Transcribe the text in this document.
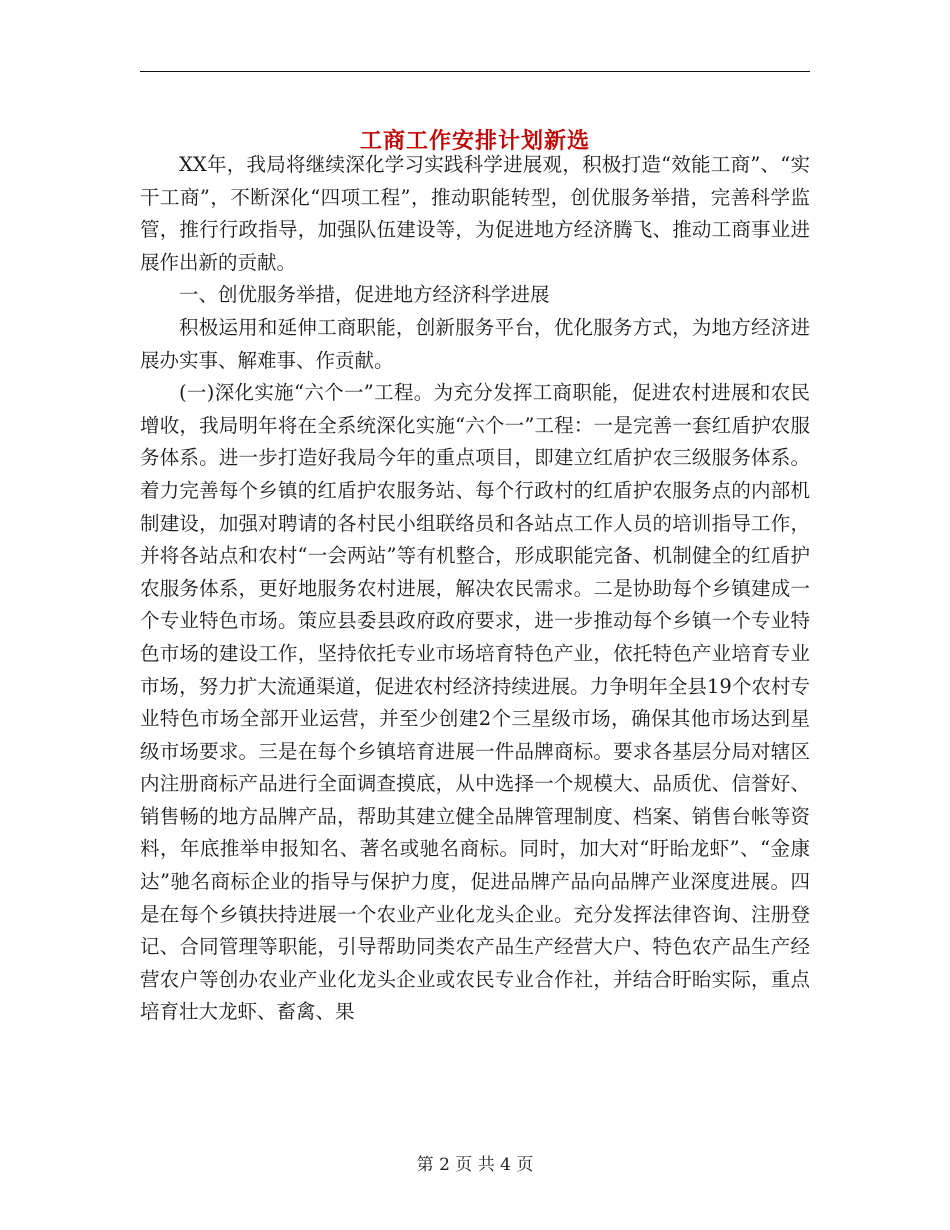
工商工作安排计划新选

XX年，我局将继续深化学习实践科学进展观，积极打造“效能工商”、“实干工商”，不断深化“四项工程”，推动职能转型，创优服务举措，完善科学监管，推行行政指导，加强队伍建设等，为促进地方经济腾飞、推动工商事业进展作出新的贡献。

一、创优服务举措，促进地方经济科学进展

积极运用和延伸工商职能，创新服务平台，优化服务方式，为地方经济进展办实事、解难事、作贡献。

(一)深化实施“六个一”工程。为充分发挥工商职能，促进农村进展和农民增收，我局明年将在全系统深化实施“六个一”工程：一是完善一套红盾护农服务体系。进一步打造好我局今年的重点项目，即建立红盾护农三级服务体系。着力完善每个乡镇的红盾护农服务站、每个行政村的红盾护农服务点的内部机制建设，加强对聘请的各村民小组联络员和各站点工作人员的培训指导工作，并将各站点和农村“一会两站”等有机整合，形成职能完备、机制健全的红盾护农服务体系，更好地服务农村进展，解决农民需求。二是协助每个乡镇建成一个专业特色市场。策应县委县政府政府要求，进一步推动每个乡镇一个专业特色市场的建设工作，坚持依托专业市场培育特色产业，依托特色产业培育专业市场，努力扩大流通渠道，促进农村经济持续进展。力争明年全县19个农村专业特色市场全部开业运营，并至少创建2个三星级市场，确保其他市场达到星级市场要求。三是在每个乡镇培育进展一件品牌商标。要求各基层分局对辖区内注册商标产品进行全面调查摸底，从中选择一个规模大、品质优、信誉好、销售畅的地方品牌产品，帮助其建立健全品牌管理制度、档案、销售台帐等资料，年底推举申报知名、著名或驰名商标。同时，加大对“盱眙龙虾”、“金康达”驰名商标企业的指导与保护力度，促进品牌产品向品牌产业深度进展。四是在每个乡镇扶持进展一个农业产业化龙头企业。充分发挥法律咨询、注册登记、合同管理等职能，引导帮助同类农产品生产经营大户、特色农产品生产经营农户等创办农业产业化龙头企业或农民专业合作社，并结合盱眙实际，重点培育壮大龙虾、畜禽、果

第 2 页 共 4 页
